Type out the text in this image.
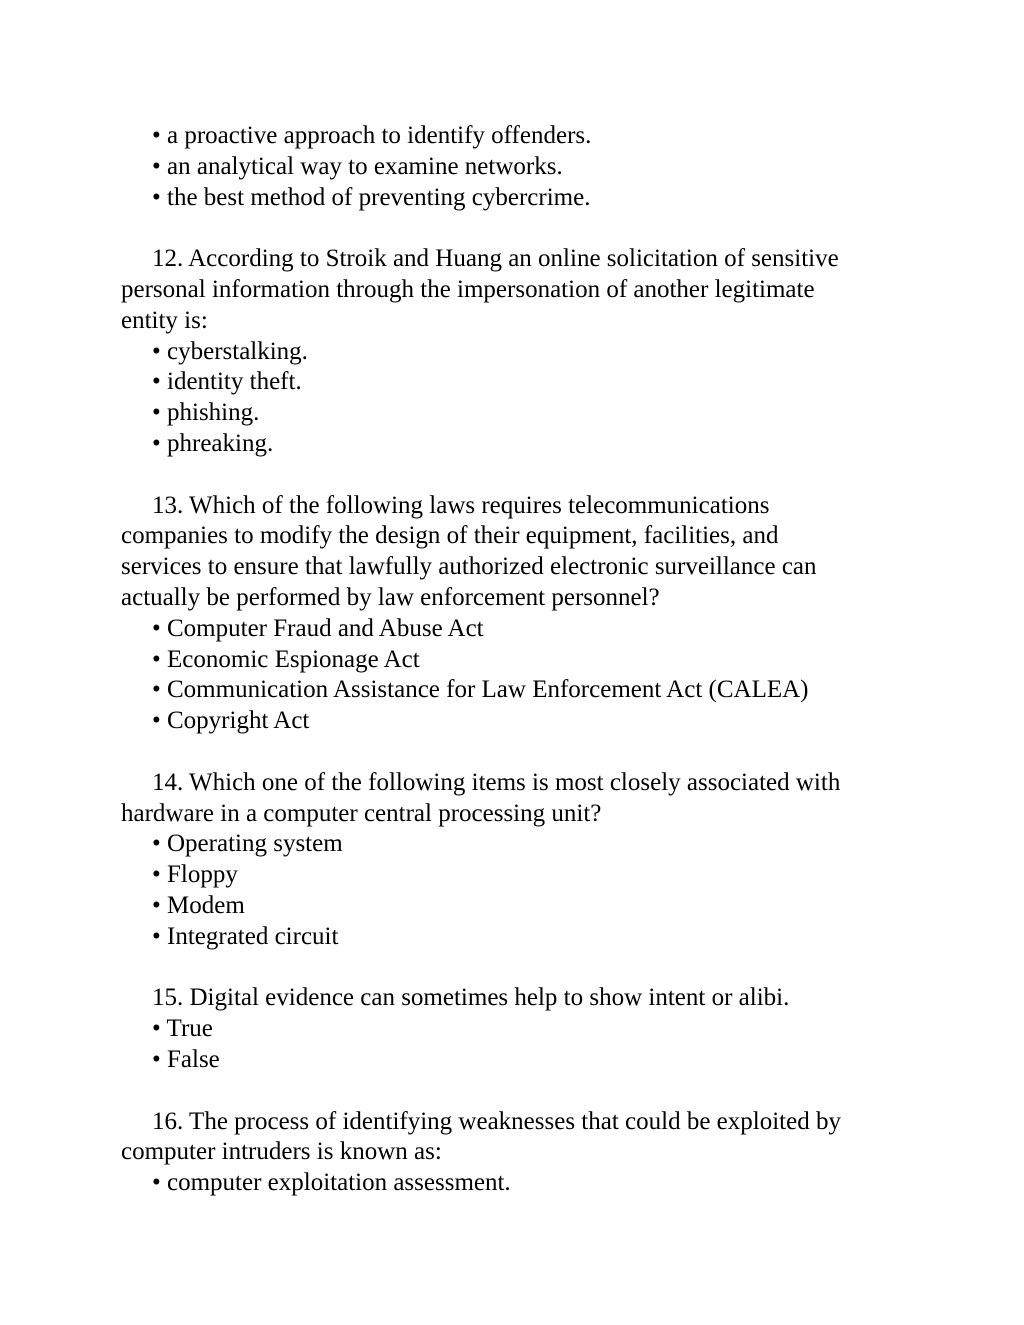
• a proactive approach to identify offenders.

• an analytical way to examine networks.

• the best method of preventing cybercrime.

12. According to Stroik and Huang an online solicitation of sensitive

personal information through the impersonation of another legitimate

entity is:

• cyberstalking.

• identity theft.

• phishing.

• phreaking.

13. Which of the following laws requires telecommunications

companies to modify the design of their equipment, facilities, and

services to ensure that lawfully authorized electronic surveillance can

actually be performed by law enforcement personnel?

• Computer Fraud and Abuse Act

• Economic Espionage Act

• Communication Assistance for Law Enforcement Act (CALEA)

• Copyright Act

14. Which one of the following items is most closely associated with

hardware in a computer central processing unit?

• Operating system

• Floppy

• Modem

• Integrated circuit

15. Digital evidence can sometimes help to show intent or alibi.

• True

• False

16. The process of identifying weaknesses that could be exploited by

computer intruders is known as:

• computer exploitation assessment.
